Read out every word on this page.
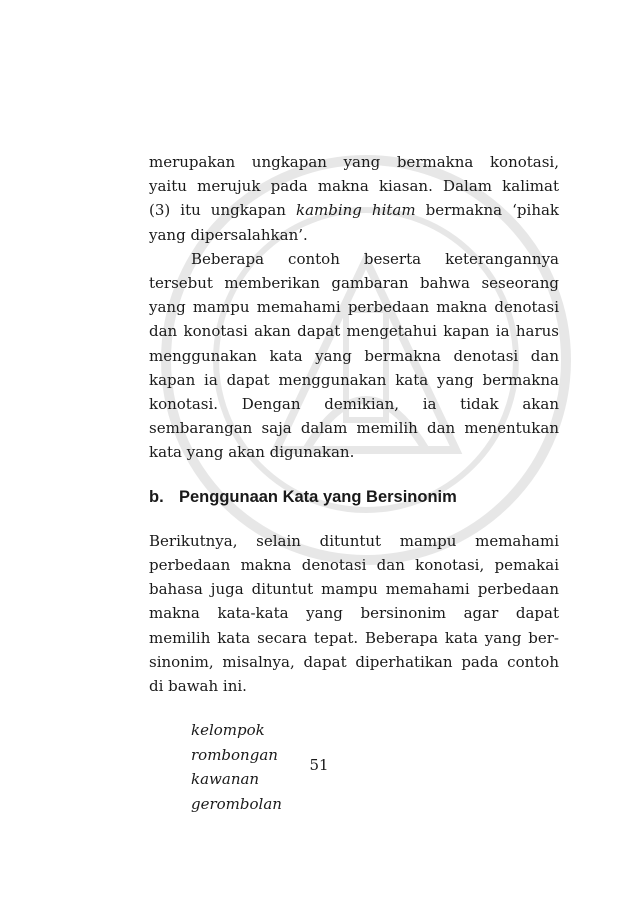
merupakan ungkapan yang bermakna konotasi,
yaitu merujuk pada makna kiasan. Dalam kalimat
(3) itu ungkapan kambing hitam bermakna ‘pihak
yang dipersalahkan’.
Beberapa contoh beserta keterangannya
tersebut memberikan gambaran bahwa seseorang
yang mampu memahami perbedaan makna denotasi
dan konotasi akan dapat mengetahui kapan ia harus
menggunakan kata yang bermakna denotasi dan
kapan ia dapat menggunakan kata yang bermakna
konotasi. Dengan demikian, ia tidak akan
sembarangan saja dalam memilih dan menentukan
kata yang akan digunakan.
b. Penggunaan Kata yang Bersinonim
Berikutnya, selain dituntut mampu memahami
perbedaan makna denotasi dan konotasi, pemakai
bahasa juga dituntut mampu memahami perbedaan
makna kata-kata yang bersinonim agar dapat
memilih kata secara tepat. Beberapa kata yang ber-
sinonim, misalnya, dapat diperhatikan pada contoh
di bawah ini.
kelompok
rombongan
kawanan
gerombolan
51
